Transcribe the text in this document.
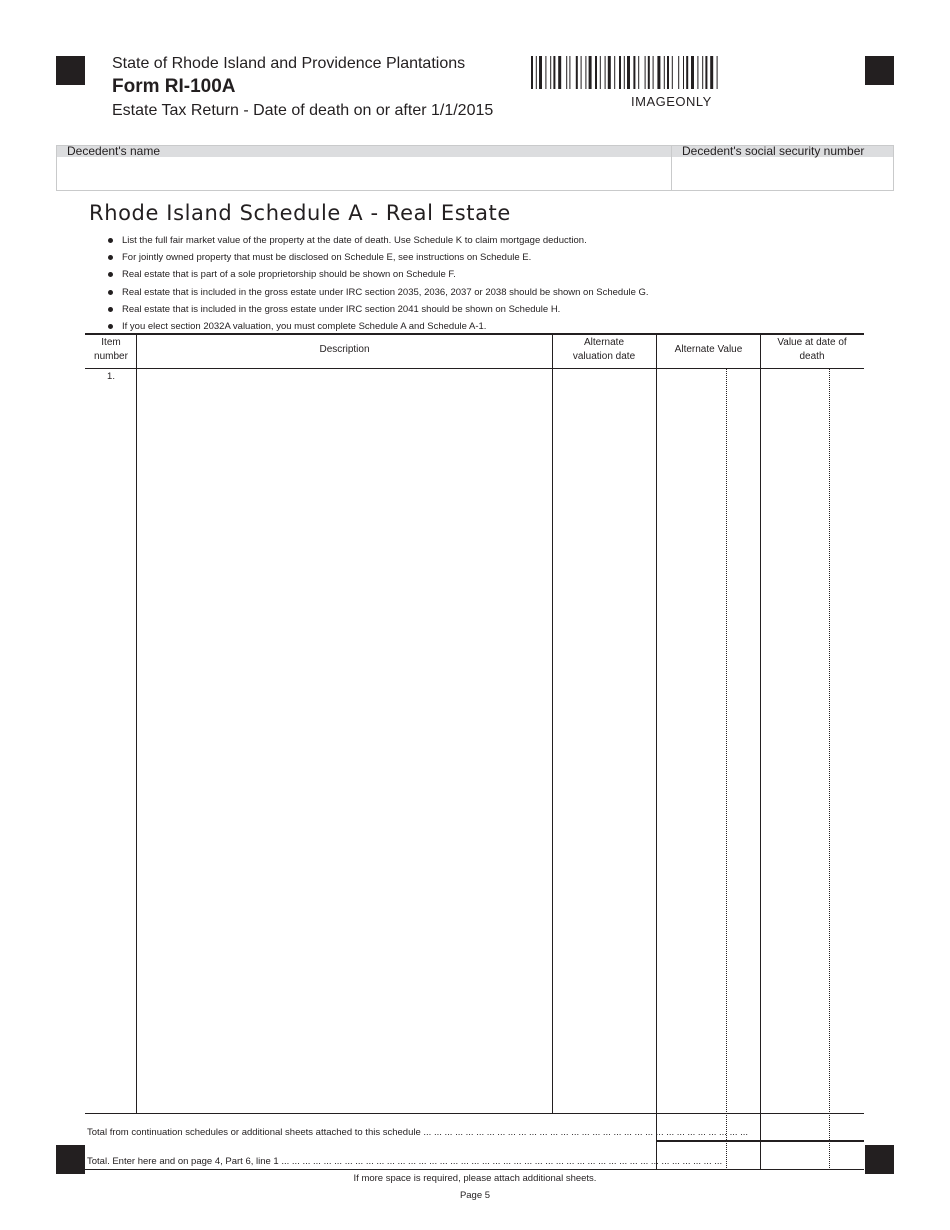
State of Rhode Island and Providence Plantations
Form RI-100A
Estate Tax Return - Date of death on or after 1/1/2015
IMAGEONLY
Decedent's name	Decedent's social security number
Rhode Island Schedule A - Real Estate
List the full fair market value of the property at the date of death. Use Schedule K to claim mortgage deduction.
For jointly owned property that must be disclosed on Schedule E, see instructions on Schedule E.
Real estate that is part of a sole proprietorship should be shown on Schedule F.
Real estate that is included in the gross estate under IRC section 2035, 2036, 2037 or 2038 should be shown on Schedule G.
Real estate that is included in the gross estate under IRC section 2041 should be shown on Schedule H.
If you elect section 2032A valuation, you must complete Schedule A and Schedule A-1.
Item number
Description
Alternate valuation date
Alternate Value
Value at date of death
1.
Total from continuation schedules or additional sheets attached to this schedule ... ... ... ... ... ... ... ... ... ... ... ... ... ... ... ... ... ... ... ... ... ... ... ... ... ... ... ... ... ... ...
Total. Enter here and on page 4, Part 6, line 1 ... ... ... ... ... ... ... ... ... ... ... ... ... ... ... ... ... ... ... ... ... ... ... ... ... ... ... ... ... ... ... ... ... ... ... ... ... ... ... ... ... ...
If more space is required, please attach additional sheets.
Page 5
